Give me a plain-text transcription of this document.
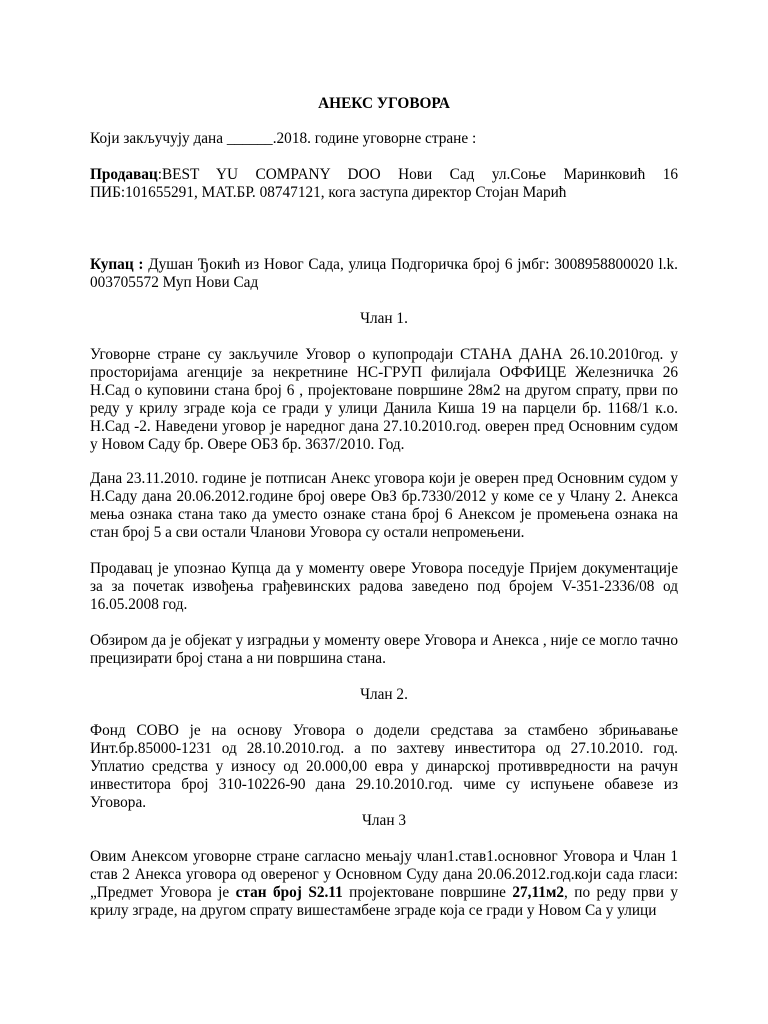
АНЕКС УГОВОРА

Који закључују дана ______.2018. године уговорне стране :

Продавац:BEST YU COMPANY DOO Нови Сад ул.Соње Маринковић 16
ПИБ:101655291, МАТ.БР. 08747121, кога заступа директор Стојан Марић

Купац : Душан Ђокић из Новог Сада, улица Подгоричка број 6 јмбг: 3008958800020 l.k. 003705572 Муп Нови Сад

Члан 1.

Уговорне стране су закључиле Уговор о купопродаји СТАНА ДАНА 26.10.2010год. у просторијама агенције за некретнине НС-ГРУП филијала ОФФИЦЕ Железничка 26 Н.Сад о куповини стана број 6 , пројектоване површине 28м2 на другом спрату, први по реду у крилу зграде која се гради у улици Данила Киша 19 на парцели бр. 1168/1 к.о. Н.Сад -2. Наведени уговор је наредног дана 27.10.2010.год. оверен пред Основним судом у Новом Саду бр. Овере ОБЗ бр. 3637/2010. Год.

Дана 23.11.2010. године је потписан Анекс уговора који је оверен пред Основним судом у Н.Саду дана 20.06.2012.године број овере ОвЗ бр.7330/2012 у коме се у Члану 2. Анекса мења ознака стана тако да уместо ознаке стана број 6 Анексом је промењена ознака на стан број 5 а сви остали Чланови Уговора су остали непромењени.

Продавац је упознао Купца да у моменту овере Уговора поседује Пријем документације за за почетак извођења грађевинских радова заведено под бројем V-351-2336/08 од 16.05.2008 год.

Обзиром да је објекат у изградњи у моменту овере Уговора и Анекса , није се могло тачно прецизирати број стана а ни површина стана.

Члан 2.

Фонд СОВО је на основу Уговора о додели средстава за стамбено збрињавање Инт.бр.85000-1231 од 28.10.2010.год. а по захтеву инвеститора од 27.10.2010. год. Уплатио средства у износу од 20.000,00 евра у динарској противвредности на рачун инвеститора број 310-10226-90 дана 29.10.2010.год. чиме су испуњене обавезе из Уговора.

Члан 3

Овим Анексом уговорне стране сагласно мењају члан1.став1.основног Уговора и Члан 1 став 2 Анекса уговора од овереног у Основном Суду дана 20.06.2012.год.који сада гласи: „Предмет Уговора је стан број S2.11 пројектоване површине 27,11м2, по реду први у крилу зграде, на другом спрату вишестамбене зграде која се гради у Новом Са у улици
